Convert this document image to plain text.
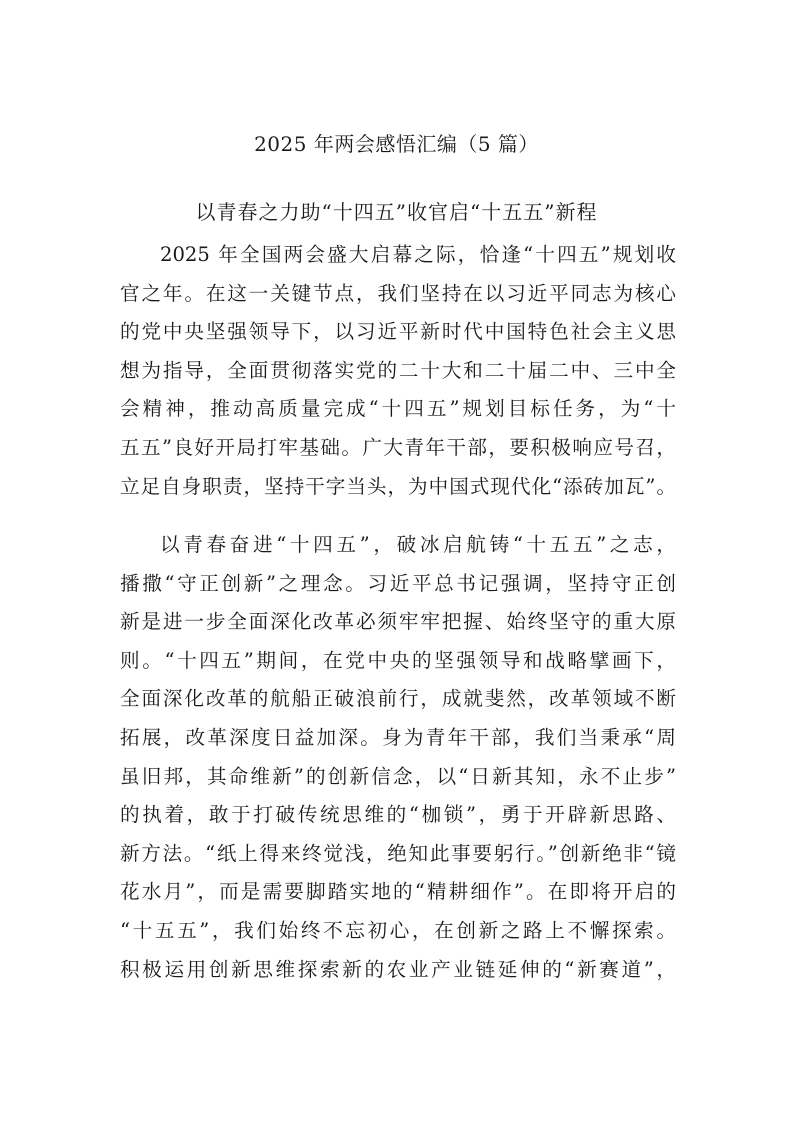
2025 年两会感悟汇编（5 篇）
以青春之力助“十四五”收官启“十五五”新程
2025 年全国两会盛大启幕之际，恰逢“十四五”规划收
官之年。在这一关键节点，我们坚持在以习近平同志为核心
的党中央坚强领导下，以习近平新时代中国特色社会主义思
想为指导，全面贯彻落实党的二十大和二十届二中、三中全
会精神，推动高质量完成“十四五”规划目标任务，为“十
五五”良好开局打牢基础。广大青年干部，要积极响应号召，
立足自身职责，坚持干字当头，为中国式现代化“添砖加瓦”。
以青春奋进“十四五”，破冰启航铸“十五五”之志，
播撒“守正创新”之理念。习近平总书记强调，坚持守正创
新是进一步全面深化改革必须牢牢把握、始终坚守的重大原
则。“十四五”期间，在党中央的坚强领导和战略擘画下，
全面深化改革的航船正破浪前行，成就斐然，改革领域不断
拓展，改革深度日益加深。身为青年干部，我们当秉承“周
虽旧邦，其命维新”的创新信念，以“日新其知，永不止步”
的执着，敢于打破传统思维的“枷锁”，勇于开辟新思路、
新方法。“纸上得来终觉浅，绝知此事要躬行。”创新绝非“镜
花水月”，而是需要脚踏实地的“精耕细作”。在即将开启的
“十五五”，我们始终不忘初心，在创新之路上不懈探索。
积极运用创新思维探索新的农业产业链延伸的“新赛道”，
